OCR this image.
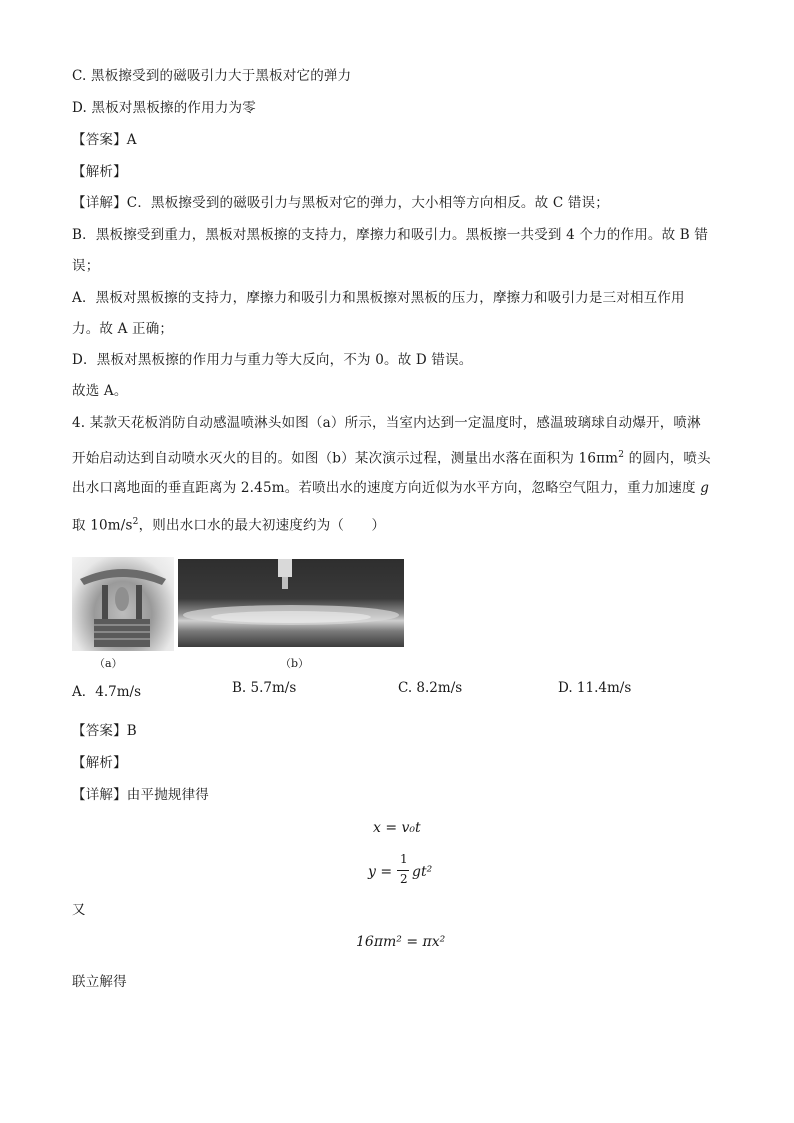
C. 黑板擦受到的磁吸引力大于黑板对它的弹力
D. 黑板对黑板擦的作用力为零
【答案】A
【解析】
【详解】C．黑板擦受到的磁吸引力与黑板对它的弹力，大小相等方向相反。故 C 错误；
B．黑板擦受到重力，黑板对黑板擦的支持力，摩擦力和吸引力。黑板擦一共受到 4 个力的作用。故 B 错
误；
A．黑板对黑板擦的支持力，摩擦力和吸引力和黑板擦对黑板的压力，摩擦力和吸引力是三对相互作用
力。故 A 正确；
D．黑板对黑板擦的作用力与重力等大反向，不为 0。故 D 错误。
故选 A。
4. 某款天花板消防自动感温喷淋头如图（a）所示，当室内达到一定温度时，感温玻璃球自动爆开，喷淋
开始启动达到自动喷水灭火的目的。如图（b）某次演示过程，测量出水落在面积为 $16\pi m^2$ 的圆内，喷头
出水口离地面的垂直距离为 2.45m。若喷出水的速度方向近似为水平方向，忽略空气阻力，重力加速度 g
取 $10m/s^2$，则出水口水的最大初速度约为（　　）
（a）	（b）
A．4.7m/s	B. 5.7m/s	C. 8.2m/s	D. 11.4m/s
【答案】B
【解析】
【详解】由平抛规律得
x = v₀t
y =
1
2 gt²
又
16πm² = πx²
联立解得
